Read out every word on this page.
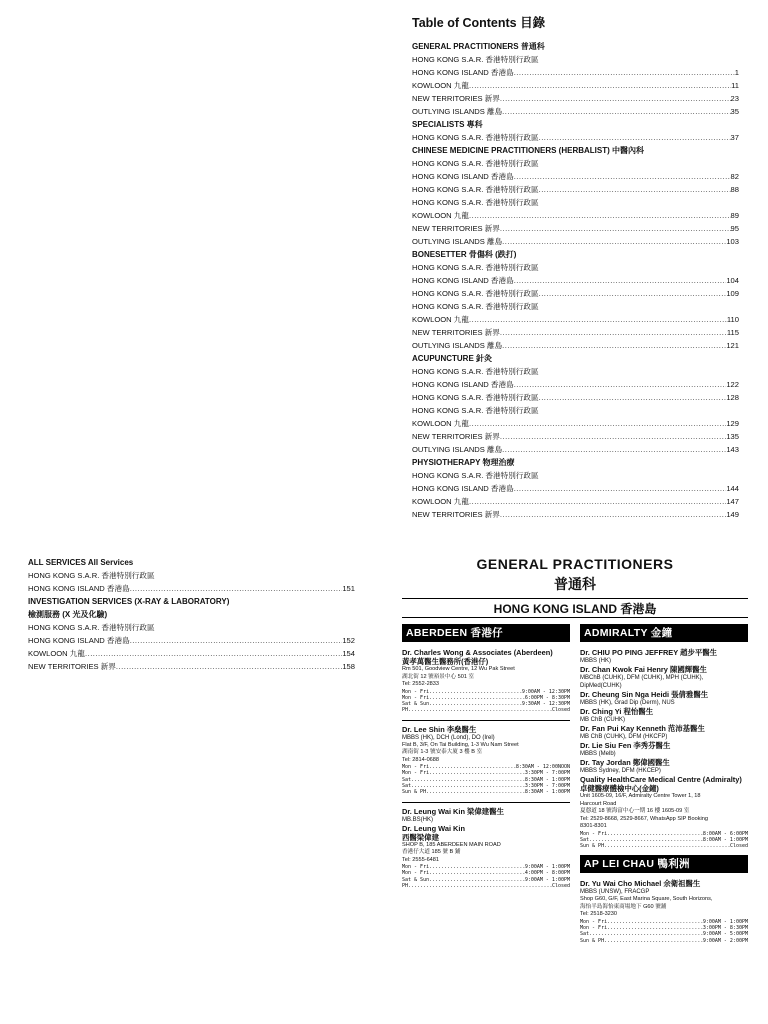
Table of Contents 目錄
GENERAL PRACTITIONERS 普通科
HONG KONG S.A.R. 香港特別行政區
HONG KONG ISLAND 香港島 .....	1
KOWLOON 九龍 .....	11
NEW TERRITORIES 新界 .....	23
OUTLYING ISLANDS 離島 .....	35
SPECIALISTS 專科
HONG KONG S.A.R. 香港特別行政區 .....	37
CHINESE MEDICINE PRACTITIONERS (HERBALIST) 中醫內科
HONG KONG S.A.R. 香港特別行政區
HONG KONG ISLAND 香港島 .....	82
HONG KONG S.A.R. 香港特別行政區 .....	88
HONG KONG S.A.R. 香港特別行政區
KOWLOON 九龍 .....	89
NEW TERRITORIES 新界 .....	95
OUTLYING ISLANDS 離島 .....	103
BONESETTER 骨傷科 (跌打)
HONG KONG S.A.R. 香港特別行政區
HONG KONG ISLAND 香港島 .....	104
HONG KONG S.A.R. 香港特別行政區 .....	109
HONG KONG S.A.R. 香港特別行政區
KOWLOON 九龍 .....	110
NEW TERRITORIES 新界 .....	115
OUTLYING ISLANDS 離島 .....	121
ACUPUNCTURE 針灸
HONG KONG S.A.R. 香港特別行政區
HONG KONG ISLAND 香港島 .....	122
HONG KONG S.A.R. 香港特別行政區 .....	128
HONG KONG S.A.R. 香港特別行政區
KOWLOON 九龍 .....	129
NEW TERRITORIES 新界 .....	135
OUTLYING ISLANDS 離島 .....	143
PHYSIOTHERAPY 物理治療
HONG KONG S.A.R. 香港特別行政區
HONG KONG ISLAND 香港島 .....	144
KOWLOON 九龍 .....	147
NEW TERRITORIES 新界 .....	149
ALL SERVICES All Services
HONG KONG S.A.R. 香港特別行政區
HONG KONG ISLAND 香港島 .....	151
INVESTIGATION SERVICES (X-RAY & LABORATORY)
檢測服務 (X 光及化驗)
HONG KONG S.A.R. 香港特別行政區
HONG KONG ISLAND 香港島 .....	152
KOWLOON 九龍 .....	154
NEW TERRITORIES 新界 .....	158
GENERAL PRACTITIONERS
普通科
HONG KONG ISLAND 香港島
ABERDEEN 香港仔
Dr. Charles Wong & Associates (Aberdeen)
黃孝萬醫生醫務所(香港仔)
Rm 501, Goodview Centre, 12 Wu Pak Street
湖北街 12 號裕景中心 501 室
Tel: 2552-2833
Mon - Fri .....	9:00AM - 12:30PM
Mon - Fri .....	6:00PM - 8:30PM
Sat & Sun .....	9:30AM - 12:30PM
PH .....	Closed
Dr. Lee Shin 李燊醫生
MBBS (HK), DCH (Lond), DO (Irel)
Flat B, 3/F, On Tai Building, 1-3 Wu Nam Street
湖南街 1-3 號安泰大廈 3 樓 B 室
Tel: 2814-0688
Mon - Fri .....	8:30AM - 12:00NOON
Mon - Fri .....	3:30PM - 7:00PM
Sat .....	8:30AM - 1:00PM
Sat .....	3:30PM - 7:00PM
Sun & PH .....	8:30AM - 1:00PM
Dr. Leung Wai Kin 梁偉建醫生
MB.BS(HK)
Dr. Leung Wai Kin
西醫梁偉建
SHOP B, 185 ABERDEEN MAIN ROAD
香港仔大道 185 號 B 鋪
Tel: 2555-6481
Mon - Fri .....	9:00AM - 1:00PM
Mon - Fri .....	4:00PM - 8:00PM
Sat & Sun .....	9:00AM - 1:00PM
PH .....	Closed
ADMIRALTY 金鐘
Dr. CHIU PO PING JEFFREY 趙步平醫生
MBBS (HK)
Dr. Chan Kwok Fai Henry 陳國輝醫生
MBChB (CUHK), DFM (CUHK), MPH (CUHK),
DipMed(CUHK)
Dr. Cheung Sin Nga Heidi 張倩雅醫生
MBBS (HK), Grad Dip (Derm), NUS
Dr. Ching Yi 程怡醫生
MB ChB (CUHK)
Dr. Fan Pui Kay Kenneth 范沛基醫生
MB ChB (CUHK), DFM (HKCFP)
Dr. Lie Siu Fen 李秀芬醫生
MBBS (Melb)
Dr. Tay Jordan 鄭偉國醫生
MBBS Sydney, DFM (HKCEP)
Quality HealthCare Medical Centre (Admiralty)
卓健醫療體檢中心(金鐘)
Unit 1605-09, 16/F, Admiralty Centre Tower 1, 18
Harcourt Road
夏慤道 18 號海富中心一期 16 樓 1605-09 室
Tel: 2529-8668, 2529-8667, WhatsApp SIP Booking
8301-8301
Mon - Fri .....	8:00AM - 6:00PM
Sat .....	8:00AM - 1:00PM
Sun & PH .....	Closed
AP LEI CHAU 鴨利洲
Dr. Yu Wai Cho Michael 余衛祖醫生
MBBS (UNSW), FRACGP
Shop G60, G/F, East Marina Square, South Horizons,
海怡半島海怡東商場地下 G60 號舖
Tel: 2518-3230
Mon - Fri .....	9:00AM - 1:00PM
Mon - Fri .....	3:00PM - 8:30PM
Sat .....	9:00AM - 5:00PM
Sun & PH .....	9:00AM - 2:00PM
